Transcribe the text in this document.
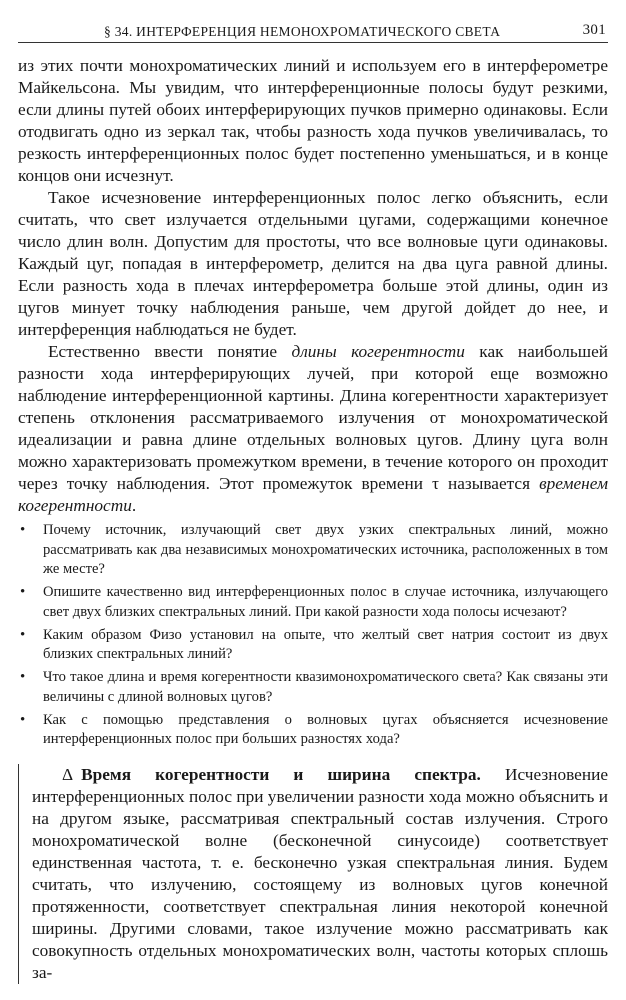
§ 34. ИНТЕРФЕРЕНЦИЯ НЕМОНОХРОМАТИЧЕСКОГО СВЕТА	301

из этих почти монохроматических линий и используем его в интерферометре Майкельсона. Мы увидим, что интерференционные полосы будут резкими, если длины путей обоих интерферирующих пучков примерно одинаковы. Если отодвигать одно из зеркал так, чтобы разность хода пучков увеличивалась, то резкость интерференционных полос будет постепенно уменьшаться, и в конце концов они исчезнут.

Такое исчезновение интерференционных полос легко объяснить, если считать, что свет излучается отдельными цугами, содержащими конечное число длин волн. Допустим для простоты, что все волновые цуги одинаковы. Каждый цуг, попадая в интерферометр, делится на два цуга равной длины. Если разность хода в плечах интерферометра больше этой длины, один из цугов минует точку наблюдения раньше, чем другой дойдет до нее, и интерференция наблюдаться не будет.

Естественно ввести понятие длины когерентности как наибольшей разности хода интерферирующих лучей, при которой еще возможно наблюдение интерференционной картины. Длина когерентности характеризует степень отклонения рассматриваемого излучения от монохроматической идеализации и равна длине отдельных волновых цугов. Длину цуга волн можно характеризовать промежутком времени, в течение которого он проходит через точку наблюдения. Этот промежуток времени τ называется временем когерентности.

• Почему источник, излучающий свет двух узких спектральных линий, можно рассматривать как два независимых монохроматических источника, расположенных в том же месте?
• Опишите качественно вид интерференционных полос в случае источника, излучающего свет двух близких спектральных линий. При какой разности хода полосы исчезают?
• Каким образом Физо установил на опыте, что желтый свет натрия состоит из двух близких спектральных линий?
• Что такое длина и время когерентности квазимонохроматического света? Как связаны эти величины с длиной волновых цугов?
• Как с помощью представления о волновых цугах объясняется исчезновение интерференционных полос при больших разностях хода?

Δ Время когерентности и ширина спектра. Исчезновение интерференционных полос при увеличении разности хода можно объяснить и на другом языке, рассматривая спектральный состав излучения. Строго монохроматической волне (бесконечной синусоиде) соответствует единственная частота, т. е. бесконечно узкая спектральная линия. Будем считать, что излучению, состоящему из волновых цугов конечной протяженности, соответствует спектральная линия некоторой конечной ширины. Другими словами, такое излучение можно рассматривать как совокупность отдельных монохроматических волн, частоты которых сплошь за-
